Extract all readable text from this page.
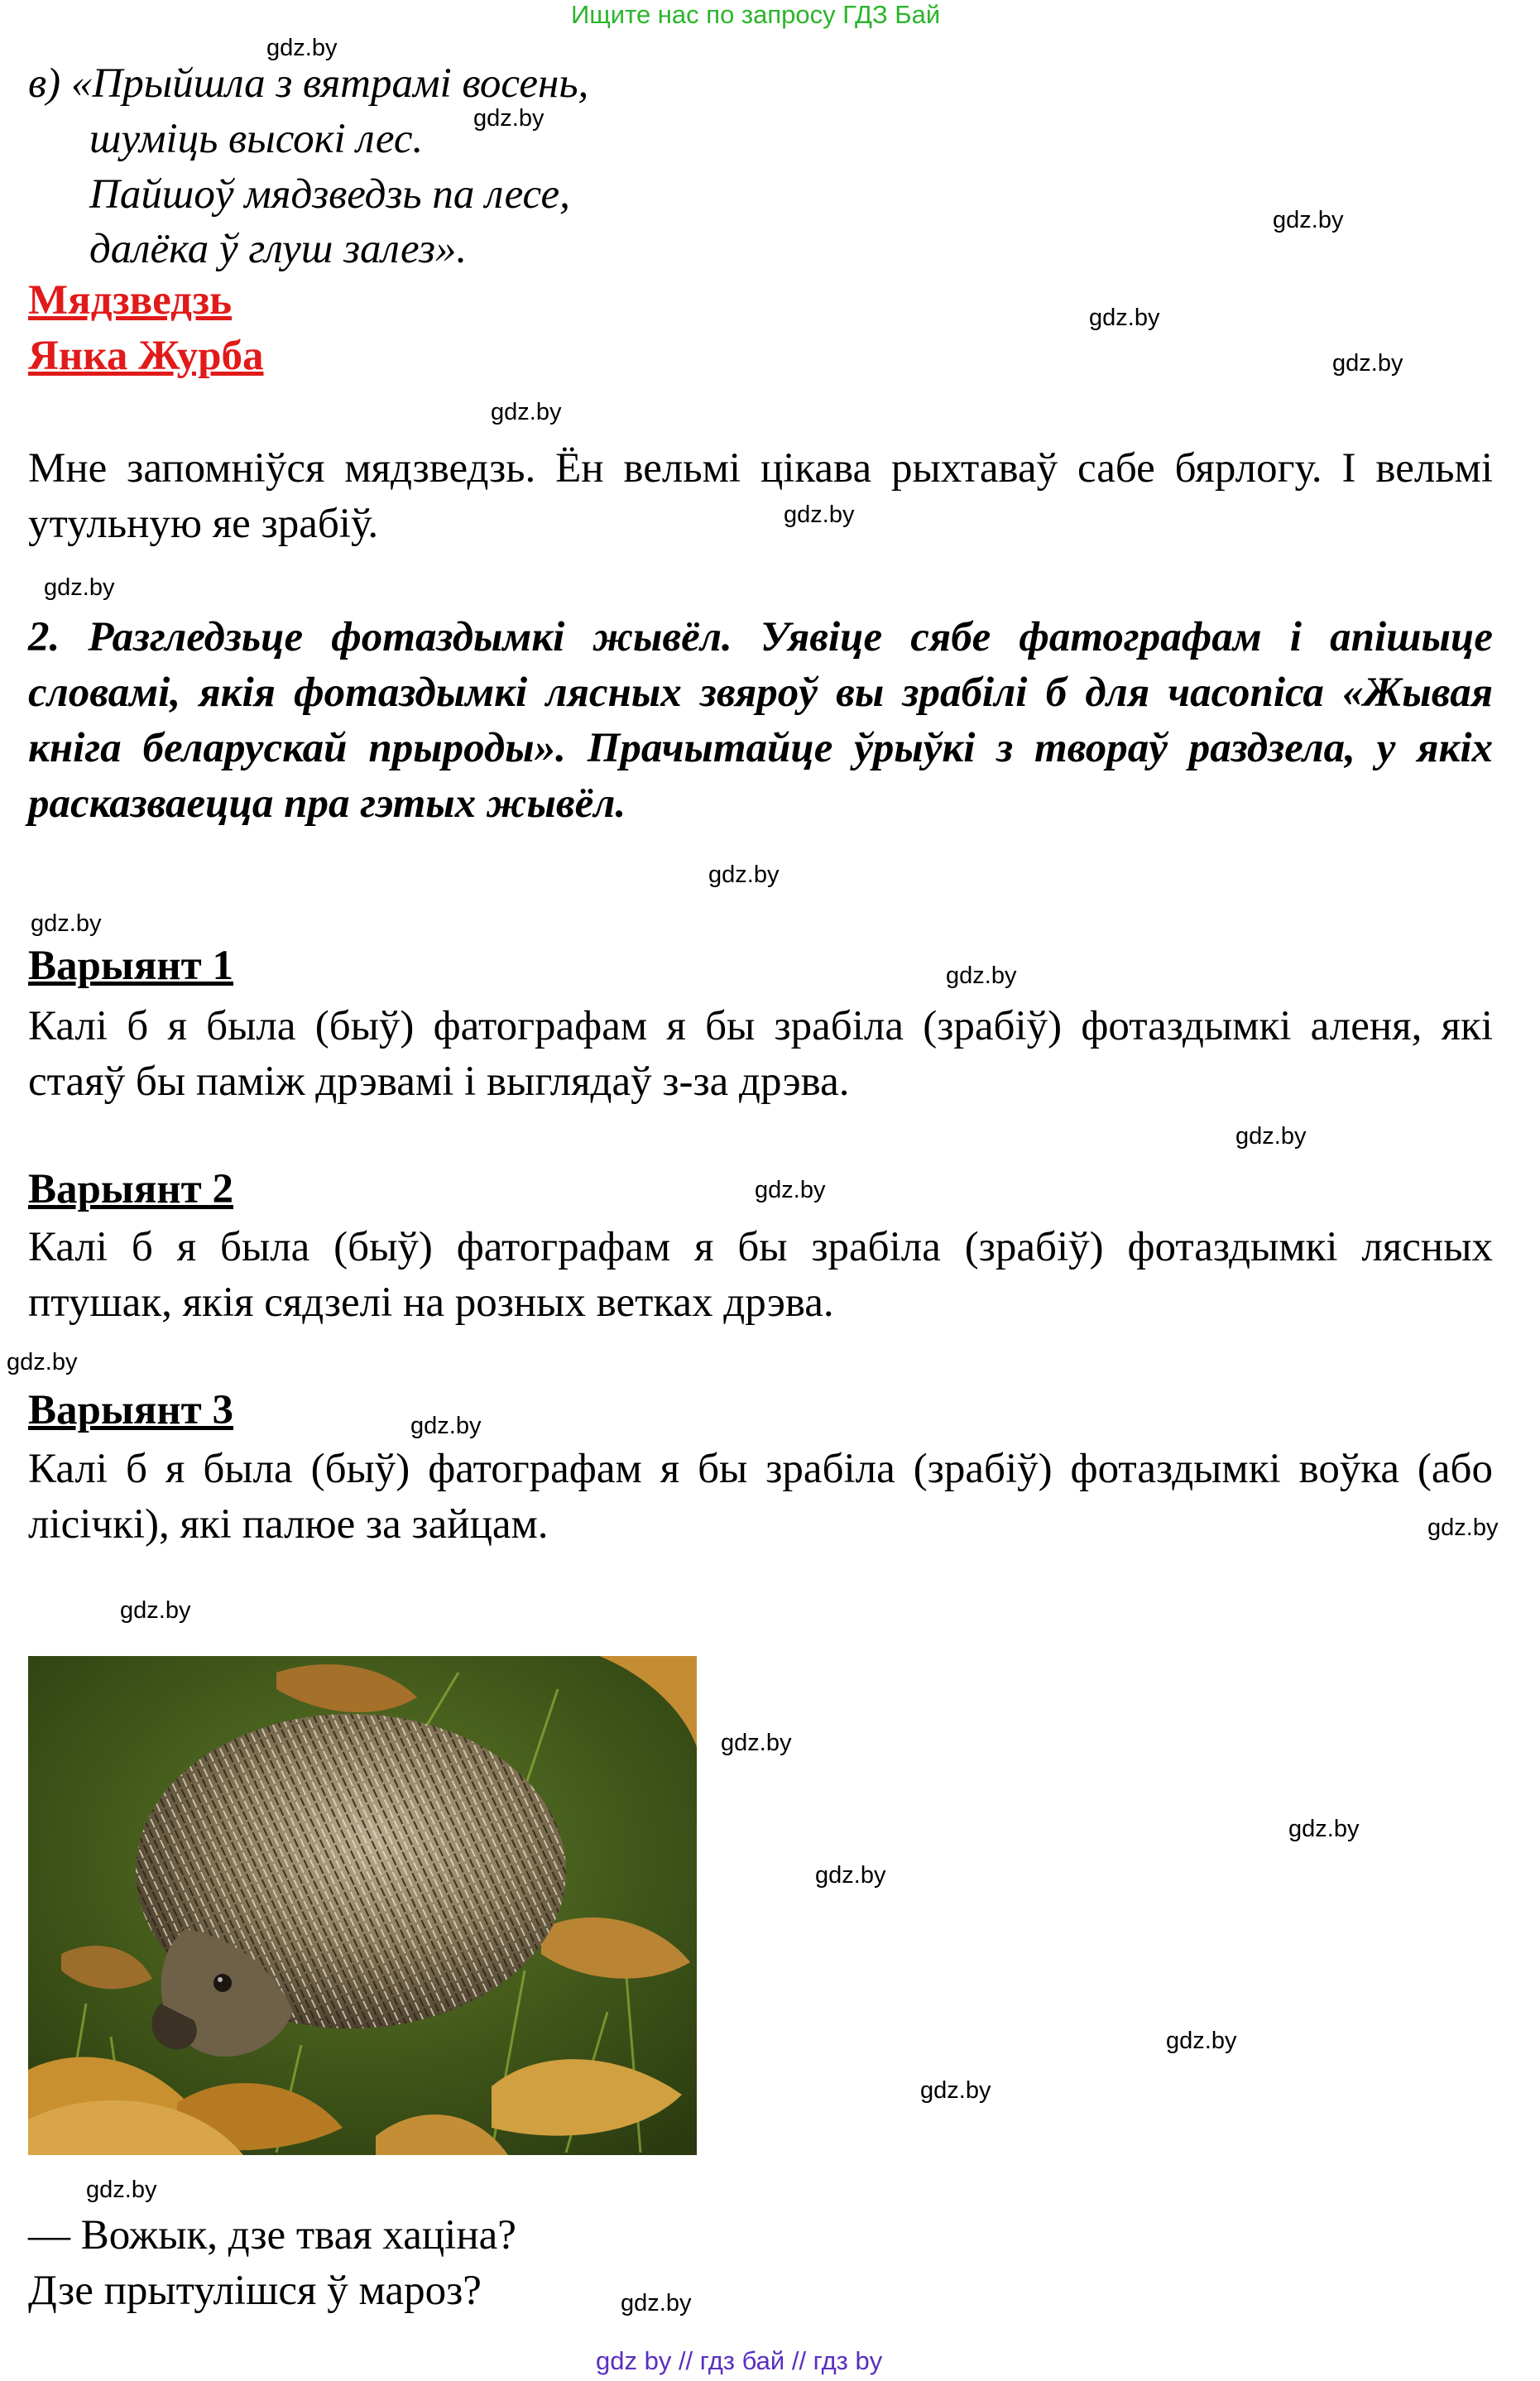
Ищите нас по запросу ГДЗ Бай
в) «Прыйшла з вятрамі восень,
шуміць высокі лес.
Пайшоў мядзведзь па лесе,
далёка ў глуш залез».
Мядзведзь
Янка Журба
Мне запомніўся мядзведзь. Ён вельмі цікава рыхтаваў сабе бярлогу. І вельмі утульную яе зрабіў.
2. Разгледзьце фотаздымкі жывёл. Уявіце сябе фатографам і апішыце словамі, якія фотаздымкі лясных звяроў вы зрабілі б для часопіса «Жывая кніга беларускай прыроды». Прачытайце ўрыўкі з твораў раздзела, у якіх расказваецца пра гэтых жывёл.
Варыянт 1
Калі б я была (быў) фатографам я бы зрабіла (зрабіў) фотаздымкі аленя, які стаяў бы паміж дрэвамі і выглядаў з-за дрэва.
Варыянт 2
Калі б я была (быў) фатографам я бы зрабіла (зрабіў) фотаздымкі лясных птушак, якія сядзелі на розных ветках дрэва.
Варыянт 3
Калі б я была (быў) фатографам я бы зрабіла (зрабіў) фотаздымкі воўка (або лісічкі), які палюе за зайцам.
— Вожык, дзе твая хаціна?
Дзе прытулішся ў мароз?
gdz by // гдз бай // гдз by
gdz.by
gdz.by
gdz.by
gdz.by
gdz.by
gdz.by
gdz.by
gdz.by
gdz.by
gdz.by
gdz.by
gdz.by
gdz.by
gdz.by
gdz.by
gdz.by
gdz.by
gdz.by
gdz.by
gdz.by
gdz.by
gdz.by
gdz.by
gdz.by
